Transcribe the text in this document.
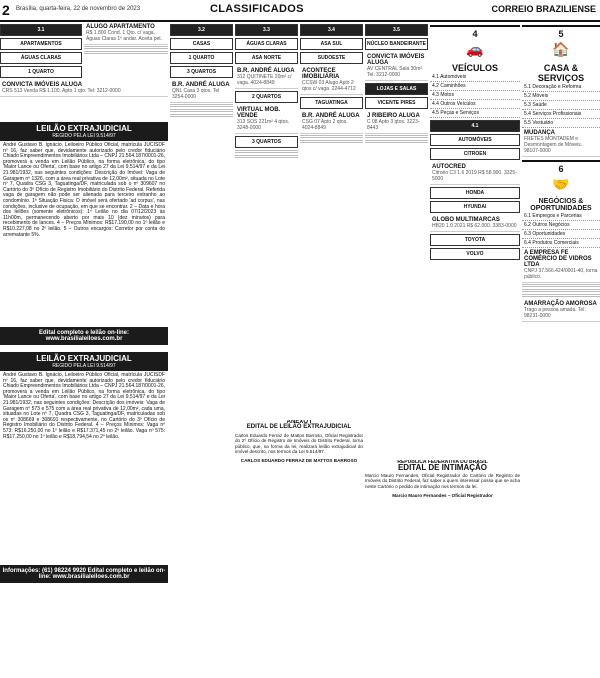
2 Brasília, quarta-feira, 22 de novembro de 2023	CLASSIFICADOS	CORREIO BRAZILIENSE
3.1
APARTAMENTOS
ÁGUAS CLARAS
1 QUARTO
ALUGO APARTAMENTO
R$ 1.800 Cond. 1 Qto. c/ vaga. Águas Claras 1º andar. Aceita pet.
CONVICTA IMÓVEIS ALUGA
CRS 513 Venda R$ 1.100. Apto 1 qto. Tel: 3212-0000
LEILÃO EXTRAJUDICIAL
REGIDO PELA LEI 9.514/97
André Gustavo B. Ignácio, Leiloeiro Público Oficial, matrícula JUCISDF nº 16, faz saber que, devidamente autorizado pelo credor fiduciário Chiado Empreendimentos Imobiliários Ltda – CNPJ 21.564.187/0001-26, promoverá a venda em Leilão Público, na forma eletrônica, do tipo 'Maior Lance ou Oferta', com base no artigo 27 da Lei 9.514/97 e da Lei 21.981/1932, nas seguintes condições: Descrição do Imóvel: Vaga de Garagem nº 1326, com a área real privativa de 12,00m², situada no Lote nº 7, Quadra CSG 3, Taguatinga/DF, matriculada sob o nº 309607 no Cartório do 3º Ofício de Registro Imobiliário do Distrito Federal. Referida vaga de garagem não pode ser alienada para terceiro estranho ao condomínio. 1ª Situação Fisica: O imóvel será ofertado 'ad corpus', nas condições, inclusive de ocupação, em que se encontrar. 2 – Data e hora dos leilões (somente eletrônicos): 1º Leilão no dia 07/12/2023 às 11h00m, permanecendo aberto por mais 10 (dez minutos) para recebimento de lances. 4 – Preços Mínimos: R$17.190,00 no 1º leilão e R$10.227,08 no 2º leilão. 5 – Outros encargos: Corretor por conta do arrematante 5%.
Edital completo e leilão on-line: www.brasilialeiloes.com.br
LEILÃO EXTRAJUDICIAL
REGIDO PELA LEI 9.514/97
André Gustavo B. Ignácio, Leiloeiro Público Oficial, matrícula JUCISDF nº 16, faz saber que, devidamente autorizado pelo credor fiduciário Chiado Empreendimentos Imobiliários Ltda – CNPJ 21.564.187/0001-26, promoverá a venda em Leilão Público, na forma eletrônica, do tipo 'Maior Lance ou Oferta', com base no artigo 27 da Lei 9.514/97 e da Lei 21.981/1932, nas seguintes condições: Descrição dos imóveis: Vaga de Garagem nº 573 e 575 com a área real privativa de 12,00m², cada uma, situadas no Lote nº 7, Quadra CSG 3, Taguatinga/DF, matriculadas sob os nº 308669 e 308691 respectivamente, no Cartório do 3º Ofício de Registro Imobiliário do Distrito Federal. 4 – Preços Mínimos: Vaga nº 573: R$16.250,00 no 1º leilão e R$17.371,45 no 2º leilão. Vaga nº 575: R$17.250,00 no 1º leilão e R$18.794,54 no 2º leilão.
Informações: (61) 98224 9920 Edital completo e leilão on-line: www.brasilialeiloes.com.br
3.2
CASAS
1 QUARTO
3 QUARTOS
B.R. ANDRÉ ALUGA
QNL Casa 3 qtos. Tel 3254-0000
3.3
ÁGUAS CLARAS
ASA NORTE
B.R. ANDRÉ ALUGA
312 QUITINETE 20m² c/ vaga. 4024-8849
2 QUARTOS
VIRTUAL MOB. VENDE
313 SOS 221m² 4 qtos. 3248-0000
3 QUARTOS
3.4
ASA SUL
SUDOESTE
ACONTECE IMOBILIÁRIA
CCSW 03 Alugo Apto 2 qtos c/ vaga. 2244-4712
TAGUATINGA
B.R. ANDRÉ ALUGA
CSG 07 Apto 2 qtos. 4024-8849
ANEXO I
EDITAL DE LEILÃO EXTRAJUDICIAL

Carlos Eduardo Ferraz de Mattos Barroso, Oficial Registrador do 2º Ofício de Registro de Imóveis do Distrito Federal, torna público, que, na forma da lei, realizará leilão extrajudicial do imóvel descrito, nos termos da Lei 9.514/97.

CARLOS EDUARDO FERRAZ DE MATTOS BARROSO

3.5
NÚCLEO BANDEIRANTE
CONVICTA IMÓVEIS ALUGA
AV CENTRAL Sala 30m². Tel: 3212-0000
LOJAS E SALAS
VICENTE PIRES
J RIBEIRO ALUGA
C 08 Apto 3 qtos. 3223-8443

REPÚBLICA FEDERATIVA DO BRASIL

EDITAL DE INTIMAÇÃO

Marcio Mauro Fernandes, Oficial Registrador do Cartório de Registro de Imóveis do Distrito Federal, faz saber a quem interessar possa que se acha neste Cartório o pedido de intimação nos termos da lei.

Marcio Mauro Fernandes – Oficial Registrador

4
🚗
VEÍCULOS
4.1 Automóveis
4.2 Caminhões
4.3 Motos
4.4 Outros Veículos
4.5 Peças e Serviços
4.1
AUTOMÓVEIS
CITROEN
AUTOCRED
Citroën C3 1.6 2019 R$ 58.900. 3325-5000
HONDA
HYUNDAI
GLOBO MULTIMARCAS
HB20 1.0 2021 R$ 62.000. 3383-0000
TOYOTA
VOLVO
5
🏠
CASA & SERVIÇOS
5.1 Decoração e Reforma
5.2 Móveis
5.3 Saúde
5.4 Serviços Profissionais
5.5 Vestuário
MUDANÇA
FRETES MONTADEM e Desmontagem de Móveis. 98107-0000
6
🤝
NEGÓCIOS & OPORTUNIDADES
6.1 Empregos e Parcerias
6.2 Outros Negócios
6.3 Oportunidades
6.4 Produtos Comerciais
A EMPRESA FE COMÉRCIO DE VIDROS LTDA
CNPJ 37.566.424/0001-40, torna público.
AMARRAÇÃO AMOROSA
Trago a pessoa amada. Tel: 98231-0000
